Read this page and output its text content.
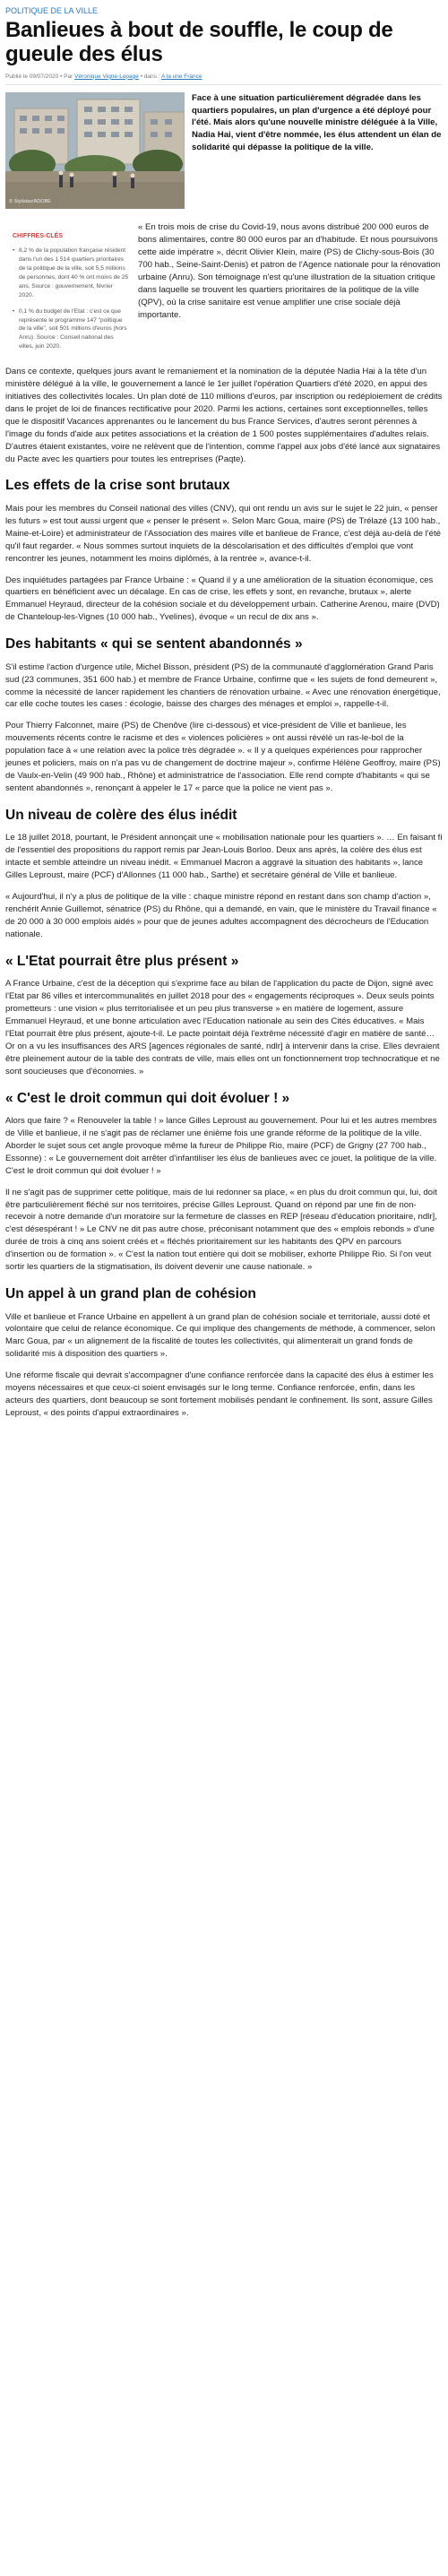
POLITIQUE DE LA VILLE
Banlieues à bout de souffle, le coup de gueule des élus
Publié le 09/07/2020 • Par Véronique Vigne-Lepage • dans : A la une France
© Stylistaz/ADOBE
Face à une situation particulièrement dégradée dans les quartiers populaires, un plan d'urgence a été déployé pour l'été. Mais alors qu'une nouvelle ministre déléguée à la Ville, Nadia Hai, vient d'être nommée, les élus attendent un élan de solidarité qui dépasse la politique de la ville.
CHIFFRES-CLÉS
• 8,2 % de la population française résident dans l'un des 1 514 quartiers prioritaires de la politique de la ville, soit 5,5 millions de personnes, dont 40 % ont moins de 25 ans. Source : gouvernement, février 2020.
• 0,1 % du budget de l'Etat : c'est ce que représente le programme 147 "politique de la ville", soit 501 millions d'euros (hors Anru). Source : Conseil national des villes, juin 2020.

« En trois mois de crise du Covid-19, nous avons distribué 200 000 euros de bons alimentaires, contre 80 000 euros par an d'habitude. Et nous poursuivons cette aide impératre », décrit Olivier Klein, maire (PS) de Clichy-sous-Bois (30 700 hab., Seine-Saint-Denis) et patron de l'Agence nationale pour la rénovation urbaine (Anru). Son témoignage n'est qu'une illustration de la situation critique dans laquelle se trouvent les quartiers prioritaires de la politique de la ville (QPV), où la crise sanitaire est venue amplifier une crise sociale déjà importante.

Dans ce contexte, quelques jours avant le remaniement et la nomination de la députée Nadia Hai à la tête d'un ministère délégué à la ville, le gouvernement a lancé le 1er juillet l'opération Quartiers d'été 2020, en appui des initiatives des collectivités locales. Un plan doté de 110 millions d'euros, par inscription ou redéploiement de crédits dans le projet de loi de finances rectificative pour 2020. Parmi les actions, certaines sont exceptionnelles, telles que le dispositif Vacances apprenantes ou le lancement du bus France Services, d'autres seront pérennes à l'image du fonds d'aide aux petites associations et la création de 1 500 postes supplémentaires d'adultes relais. D'autres étaient existantes, voire ne relèvent que de l'intention, comme l'appel aux jobs d'été lancé aux signataires du Pacte avec les quartiers pour toutes les entreprises (Paqte).

Les effets de la crise sont brutaux

Mais pour les membres du Conseil national des villes (CNV), qui ont rendu un avis sur le sujet le 22 juin, « penser les futurs » est tout aussi urgent que « penser le présent ». Selon Marc Goua, maire (PS) de Trélazé (13 100 hab., Maine-et-Loire) et administrateur de l'Association des maires ville et banlieue de France, c'est déjà au-delà de l'été qu'il faut regarder. « Nous sommes surtout inquiets de la déscolarisation et des difficultés d'emploi que vont rencontrer les jeunes, notamment les moins diplômés, à la rentrée », avance-t-il.

Des inquiétudes partagées par France Urbaine : « Quand il y a une amélioration de la situation économique, ces quartiers en bénéficient avec un décalage. En cas de crise, les effets y sont, en revanche, brutaux », alerte Emmanuel Heyraud, directeur de la cohésion sociale et du développement urbain. Catherine Arenou, maire (DVD) de Chanteloup-les-Vignes (10 000 hab., Yvelines), évoque « un recul de dix ans ».

Des habitants « qui se sentent abandonnés »

S'il estime l'action d'urgence utile, Michel Bisson, président (PS) de la communauté d'agglomération Grand Paris sud (23 communes, 351 600 hab.) et membre de France Urbaine, confirme que « les sujets de fond demeurent », comme la nécessité de lancer rapidement les chantiers de rénovation urbaine. « Avec une rénovation énergétique, car elle coche toutes les cases : écologie, baisse des charges des ménages et emploi », rappelle-t-il.

Pour Thierry Falconnet, maire (PS) de Chenôve (lire ci-dessous) et vice-président de Ville et banlieue, les mouvements récents contre le racisme et des « violences policières » ont aussi révélé un ras-le-bol de la population face à « une relation avec la police très dégradée ». « Il y a quelques expériences pour rapprocher jeunes et policiers, mais on n'a pas vu de changement de doctrine majeur », confirme Hélène Geoffroy, maire (PS) de Vaulx-en-Velin (49 900 hab., Rhône) et administratrice de l'association. Elle rend compte d'habitants « qui se sentent abandonnés », renonçant à appeler le 17 « parce que la police ne vient pas ».

Un niveau de colère des élus inédit

Le 18 juillet 2018, pourtant, le Président annonçait une « mobilisation nationale pour les quartiers ». … En faisant fi de l'essentiel des propositions du rapport remis par Jean-Louis Borloo. Deux ans après, la colère des élus est intacte et semble atteindre un niveau inédit. « Emmanuel Macron a aggravé la situation des habitants », lance Gilles Leproust, maire (PCF) d'Allonnes (11 000 hab., Sarthe) et secrétaire général de Ville et banlieue.

« Aujourd'hui, il n'y a plus de politique de la ville : chaque ministre répond en restant dans son champ d'action », renchérit Annie Guillemot, sénatrice (PS) du Rhône, qui a demandé, en vain, que le ministère du Travail finance « de 20 000 à 30 000 emplois aidés » pour que de jeunes adultes accompagnent des décrocheurs de l'Education nationale.

« L'Etat pourrait être plus présent »

A France Urbaine, c'est de la déception qui s'exprime face au bilan de l'application du pacte de Dijon, signé avec l'Etat par 86 villes et intercommunalités en juillet 2018 pour des « engagements réciproques ». Deux seuls points prometteurs : une vision « plus territorialisée et un peu plus transverse » en matière de logement, assure Emmanuel Heyraud, et une bonne articulation avec l'Education nationale au sein des Cités éducatives. « Mais l'Etat pourrait être plus présent, ajoute-t-il. Le pacte pointait déjà l'extrême nécessité d'agir en matière de santé… Or on a vu les insuffisances des ARS [agences régionales de santé, ndlr] à intervenir dans la crise. Elles devraient être pleinement autour de la table des contrats de ville, mais elles ont un fonctionnement trop technocratique et ne sont soucieuses que d'économies. »

« C'est le droit commun qui doit évoluer ! »

Alors que faire ? « Renouveler la table ! » lance Gilles Leproust au gouvernement. Pour lui et les autres membres de Ville et banlieue, il ne s'agit pas de réclamer une énième fois une grande réforme de la politique de la ville. Aborder le sujet sous cet angle provoque même la fureur de Philippe Rio, maire (PCF) de Grigny (27 700 hab., Essonne) : « Le gouvernement doit arrêter d'infantiliser les élus de banlieues avec ce jouet, la politique de la ville. C'est le droit commun qui doit évoluer ! »

Il ne s'agit pas de supprimer cette politique, mais de lui redonner sa place, « en plus du droit commun qui, lui, doit être particulièrement fléché sur nos territoires, précise Gilles Leproust. Quand on répond par une fin de non-recevoir à notre demande d'un moratoire sur la fermeture de classes en REP [réseau d'éducation prioritaire, ndlr], c'est désespérant ! » Le CNV ne dit pas autre chose, préconisant notamment que des « emplois rebonds » d'une durée de trois à cinq ans soient créés et « fléchés prioritairement sur les habitants des QPV en parcours d'insertion ou de formation ». « C'est la nation tout entière qui doit se mobiliser, exhorte Philippe Rio. Si l'on veut sortir les quartiers de la stigmatisation, ils doivent devenir une cause nationale. »

Un appel à un grand plan de cohésion

Ville et banlieue et France Urbaine en appellent à un grand plan de cohésion sociale et territoriale, aussi doté et volontaire que celui de relance économique. Ce qui implique des changements de méthode, à commencer, selon Marc Goua, par « un alignement de la fiscalité de toutes les collectivités, qui alimenterait un grand fonds de solidarité mis à disposition des quartiers ».

Une réforme fiscale qui devrait s'accompagner d'une confiance renforcée dans la capacité des élus à estimer les moyens nécessaires et que ceux-ci soient envisagés sur le long terme. Confiance renforcée, enfin, dans les acteurs des quartiers, dont beaucoup se sont fortement mobilisés pendant le confinement. Ils sont, assure Gilles Leproust, « des points d'appui extraordinaires ».
